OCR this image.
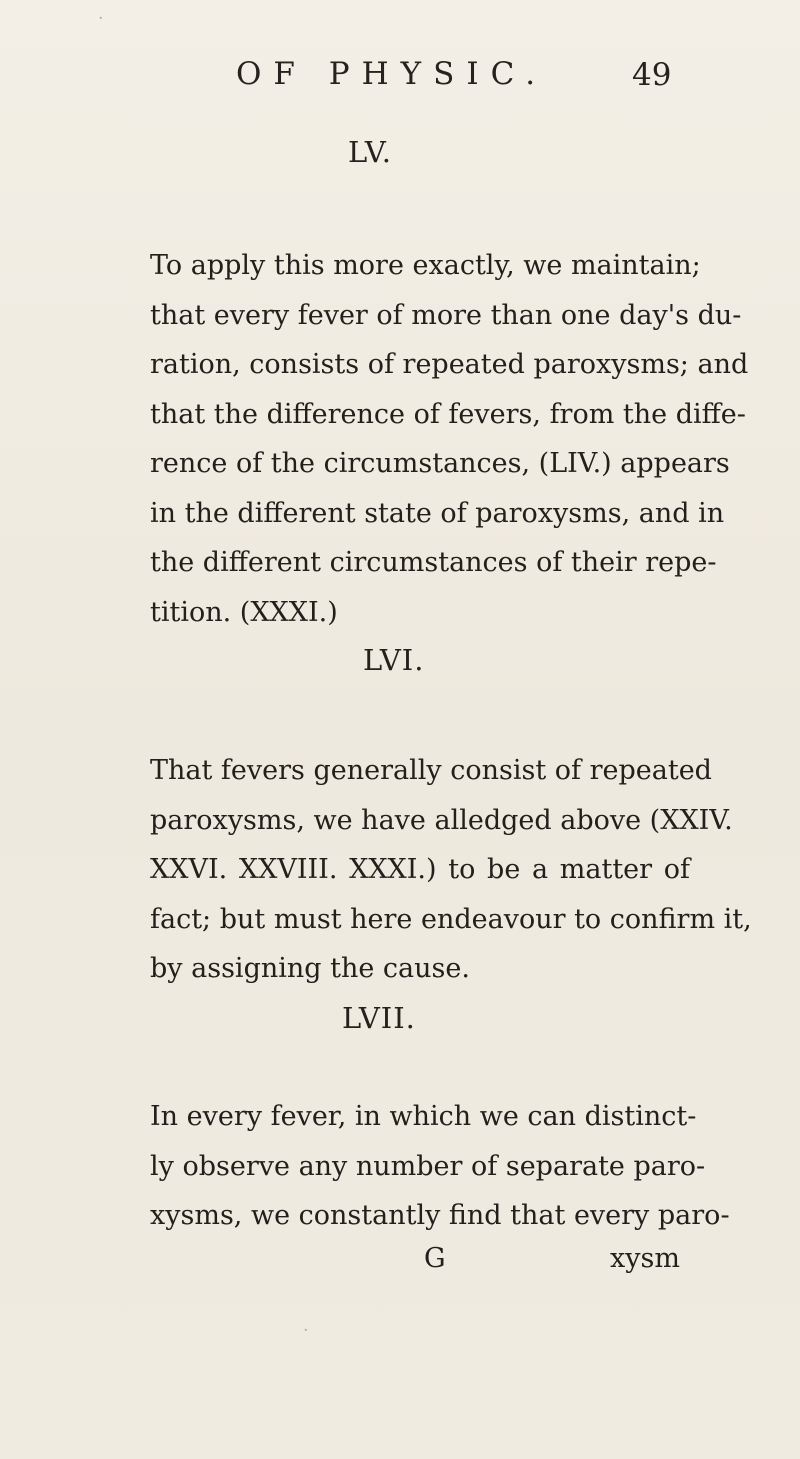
OF PHYSIC.	49
LV.
To apply this more exactly, we maintain;
that every fever of more than one day's du-
ration, consists of repeated paroxysms; and
that the difference of fevers, from the diffe-
rence of the circumstances, (LIV.) appears
in the different state of paroxysms, and in
the different circumstances of their repe-
tition. (XXXI.)
LVI.
That fevers generally consist of repeated
paroxysms, we have alledged above (XXIV.
XXVI. XXVIII. XXXI.) to be a matter of
fact; but must here endeavour to confirm it,
by assigning the cause.
LVII.
In every fever, in which we can distinct-
ly observe any number of separate paro-
xysms, we constantly find that every paro-
G	xysm
·
·
